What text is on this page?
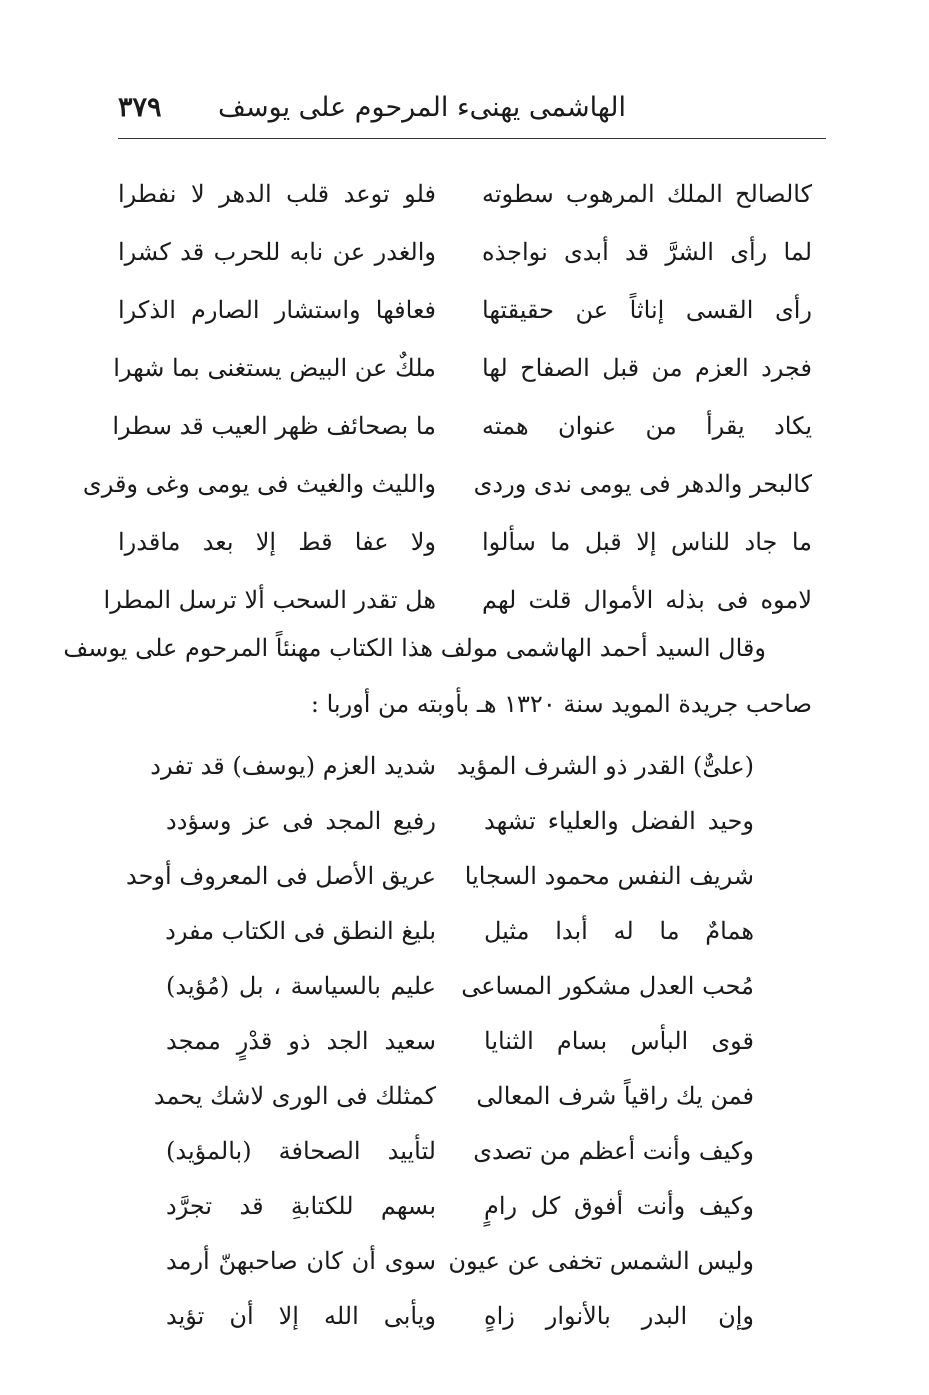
الهاشمى يهنىء المرحوم على يوسف
٣٧٩
كالصالح الملك المرهوب سطوته
فلو توعد قلب الدهر لا نفطرا
لما رأى الشرَّ قد أبدى نواجذه
والغدر عن نابه للحرب قد كشرا
رأى القسى إناثاً عن حقيقتها
فعافها واستشار الصارم الذكرا
فجرد العزم من قبل الصفاح لها
ملكٌ عن البيض يستغنى بما شهرا
يكاد يقرأ من عنوان همته
ما بصحائف ظهر العيب قد سطرا
كالبحر والدهر فى يومى ندى وردى
والليث والغيث فى يومى وغى وقرى
ما جاد للناس إلا قبل ما سألوا
ولا عفا قط إلا بعد ماقدرا
لاموه فى بذله الأموال قلت لهم
هل تقدر السحب ألا ترسل المطرا
وقال السيد أحمد الهاشمى مولف هذا الكتاب مهنئاً المرحوم على يوسف
صاحب جريدة المويد سنة ١٣٢٠ هـ بأوبته من أوربا :
(علىٌّ) القدر ذو الشرف المؤيد
شديد العزم (يوسف) قد تفرد
وحيد الفضل والعلياء تشهد
رفيع المجد فى عز وسؤدد
شريف النفس محمود السجايا
عريق الأصل فى المعروف أوحد
همامٌ ما له أبدا مثيل
بليغ النطق فى الكتاب مفرد
مُحب العدل مشكور المساعى
عليم بالسياسة ، بل (مُؤيد)
قوى البأس بسام الثنايا
سعيد الجد ذو قدْرٍ ممجد
فمن يك راقياً شرف المعالى
كمثلك فى الورى لاشك يحمد
وكيف وأنت أعظم من تصدى
لتأييد الصحافة (بالمؤيد)
وكيف وأنت أفوق كل رامٍ
بسهم للكتابةِ قد تجرَّد
وليس الشمس تخفى عن عيون
سوى أن كان صاحبهنّ أرمد
وإن البدر بالأنوار زاهٍ
ويأبى الله إلا أن تؤيد
